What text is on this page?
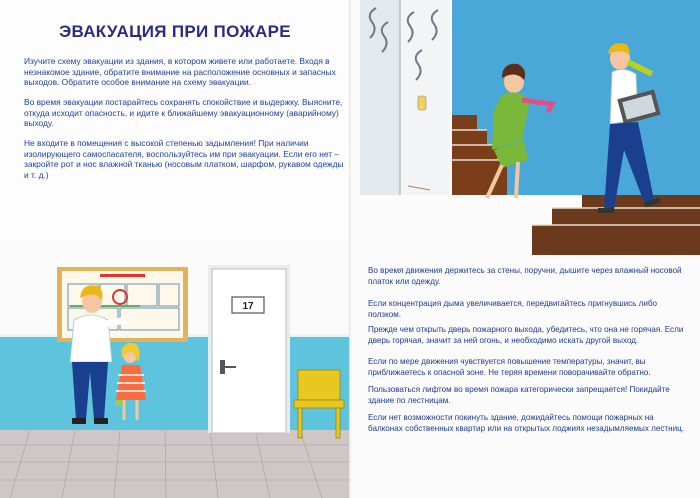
ЭВАКУАЦИЯ ПРИ ПОЖАРЕ

Изучите схему эвакуации из здания, в котором живете или работаете. Входя в незнакомое здание, обратите внимание на расположение основных и запасных выходов. Обратите особое внимание на схему эвакуации.

Во время эвакуации постарайтесь сохранять спокойствие и выдержку. Выясните, откуда исходит опасность, и идите к ближайшему эвакуационному (аварийному) выходу.

Не входите в помещения с высокой степенью задымления! При наличии изолирующего самоспасателя, воспользуйтесь им при эвакуации. Если его нет – закройте рот и нос влажной тканью (носовым платком, шарфом, рукавом одежды и т. д.)

17

Во время движения держитесь за стены, поручни, дышите через влажный носовой платок или одежду.

Если концентрация дыма увеличивается, передвигайтесь пригнувшись либо ползком.

Прежде чем открыть дверь пожарного выхода, убедитесь, что она не горячая. Если дверь горячая, значит за ней огонь, и необходимо искать другой выход.

Если по мере движения чувствуется повышение температуры, значит, вы приближаетесь к опасной зоне. Не теряя времени поворачивайте обратно.

Пользоваться лифтом во время пожара категорически запрещается! Покидайте здание по лестницам.

Если нет возможности покинуть здание, дожидайтесь помощи пожарных на балконах собственных квартир или на открытых лоджиях незадымляемых лестниц.
